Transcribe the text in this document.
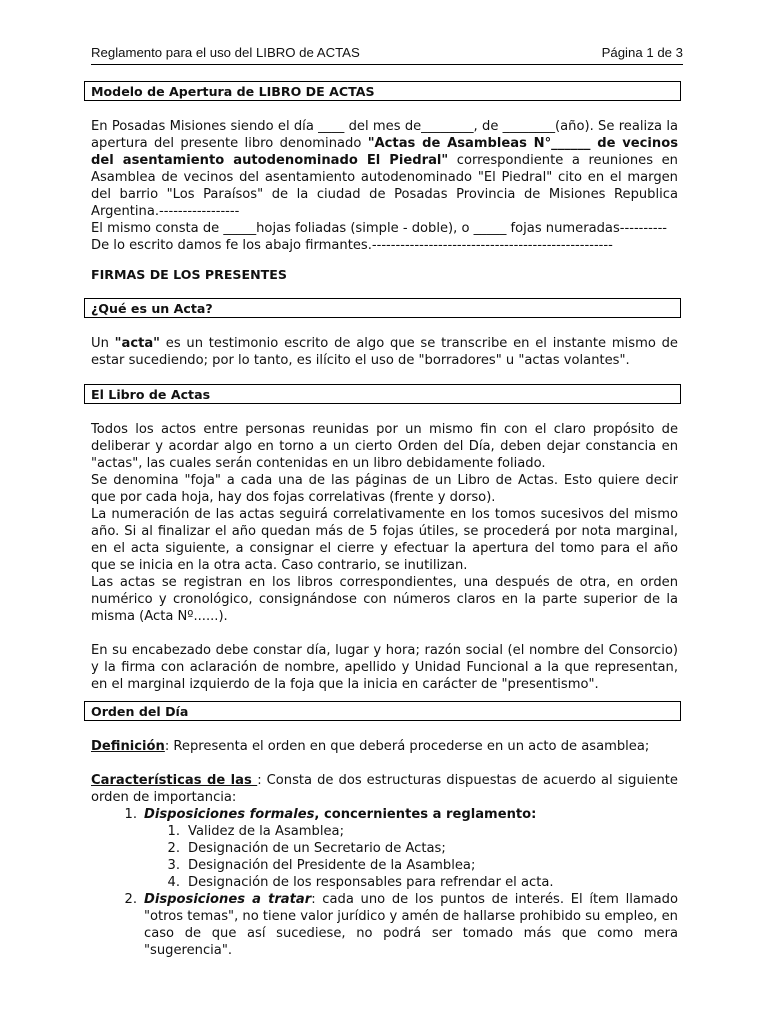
Reglamento para el uso del LIBRO de ACTAS	Página 1 de 3
Modelo de Apertura de LIBRO DE ACTAS

En Posadas Misiones siendo el día ____ del mes de________, de ________(año). Se realiza la apertura del presente libro denominado "Actas de Asambleas N°______ de vecinos del asentamiento autodenominado El Piedral" correspondiente a reuniones en Asamblea de vecinos del asentamiento autodenominado "El Piedral" cito en el margen del barrio "Los Paraísos" de la ciudad de Posadas Provincia de Misiones Republica Argentina.-----------------

El mismo consta de _____hojas foliadas (simple - doble), o _____ fojas numeradas----------

De lo escrito damos fe los abajo firmantes.---------------------------------------------------

FIRMAS DE LOS PRESENTES
¿Qué es un Acta?

Un "acta" es un testimonio escrito de algo que se transcribe en el instante mismo de estar sucediendo; por lo tanto, es ilícito el uso de "borradores" u "actas volantes".

El Libro de Actas

Todos los actos entre personas reunidas por un mismo fin con el claro propósito de deliberar y acordar algo en torno a un cierto Orden del Día, deben dejar constancia en "actas", las cuales serán contenidas en un libro debidamente foliado.

Se denomina "foja" a cada una de las páginas de un Libro de Actas. Esto quiere decir que por cada hoja, hay dos fojas correlativas (frente y dorso).

La numeración de las actas seguirá correlativamente en los tomos sucesivos del mismo año. Si al finalizar el año quedan más de 5 fojas útiles, se procederá por nota marginal, en el acta siguiente, a consignar el cierre y efectuar la apertura del tomo para el año que se inicia en la otra acta. Caso contrario, se inutilizan.

Las actas se registran en los libros correspondientes, una después de otra, en orden numérico y cronológico, consignándose con números claros en la parte superior de la misma (Acta Nº......).

En su encabezado debe constar día, lugar y hora; razón social (el nombre del Consorcio) y la firma con aclaración de nombre, apellido y Unidad Funcional a la que representan, en el marginal izquierdo de la foja que la inicia en carácter de "presentismo".

Orden del Día

Definición: Representa el orden en que deberá procederse en un acto de asamblea;

Características de las : Consta de dos estructuras dispuestas de acuerdo al siguiente orden de importancia:

1. Disposiciones formales, concernientes a reglamento:
1. Validez de la Asamblea;
2. Designación de un Secretario de Actas;
3. Designación del Presidente de la Asamblea;
4. Designación de los responsables para refrendar el acta.
2. Disposiciones a tratar: cada uno de los puntos de interés. El ítem llamado "otros temas", no tiene valor jurídico y amén de hallarse prohibido su empleo, en caso de que así sucediese, no podrá ser tomado más que como mera "sugerencia".
